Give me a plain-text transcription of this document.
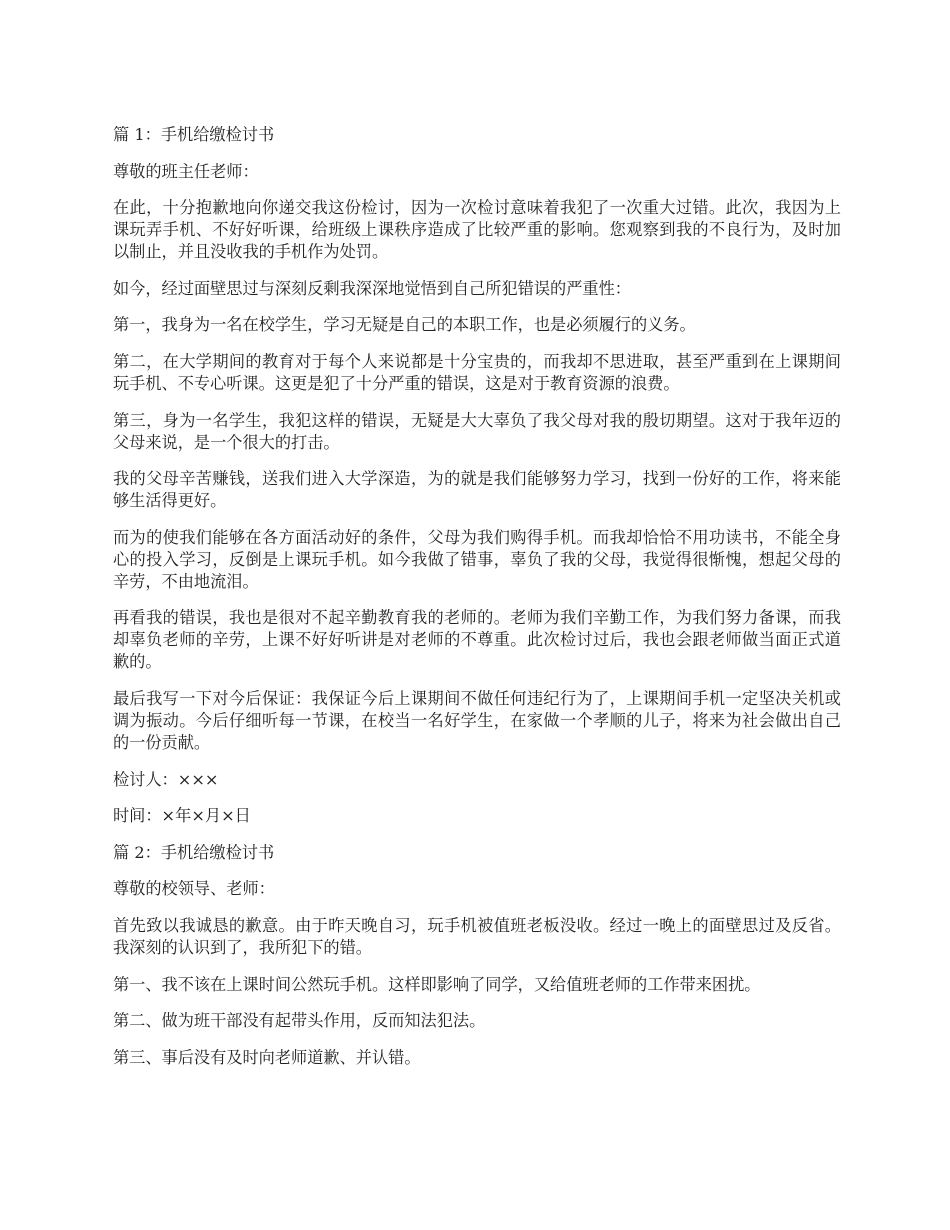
篇 1：手机给缴检讨书

尊敬的班主任老师：

在此，十分抱歉地向你递交我这份检讨，因为一次检讨意味着我犯了一次重大过错。此次，我因为上课玩弄手机、不好好听课，给班级上课秩序造成了比较严重的影响。您观察到我的不良行为，及时加以制止，并且没收我的手机作为处罚。

如今，经过面壁思过与深刻反剩我深深地觉悟到自己所犯错误的严重性：

第一，我身为一名在校学生，学习无疑是自己的本职工作，也是必须履行的义务。

第二，在大学期间的教育对于每个人来说都是十分宝贵的，而我却不思进取，甚至严重到在上课期间玩手机、不专心听课。这更是犯了十分严重的错误，这是对于教育资源的浪费。

第三，身为一名学生，我犯这样的错误，无疑是大大辜负了我父母对我的殷切期望。这对于我年迈的父母来说，是一个很大的打击。

我的父母辛苦赚钱，送我们进入大学深造，为的就是我们能够努力学习，找到一份好的工作，将来能够生活得更好。

而为的使我们能够在各方面活动好的条件，父母为我们购得手机。而我却恰恰不用功读书，不能全身心的投入学习，反倒是上课玩手机。如今我做了错事，辜负了我的父母，我觉得很惭愧，想起父母的辛劳，不由地流泪。

再看我的错误，我也是很对不起辛勤教育我的老师的。老师为我们辛勤工作，为我们努力备课，而我却辜负老师的辛劳，上课不好好听讲是对老师的不尊重。此次检讨过后，我也会跟老师做当面正式道歉的。

最后我写一下对今后保证：我保证今后上课期间不做任何违纪行为了，上课期间手机一定坚决关机或调为振动。今后仔细听每一节课，在校当一名好学生，在家做一个孝顺的儿子，将来为社会做出自己的一份贡献。

检讨人：×××

时间：×年×月×日

篇 2：手机给缴检讨书

尊敬的校领导、老师：

首先致以我诚恳的歉意。由于昨天晚自习，玩手机被值班老板没收。经过一晚上的面壁思过及反省。我深刻的认识到了，我所犯下的错。

第一、我不该在上课时间公然玩手机。这样即影响了同学，又给值班老师的工作带来困扰。

第二、做为班干部没有起带头作用，反而知法犯法。

第三、事后没有及时向老师道歉、并认错。
